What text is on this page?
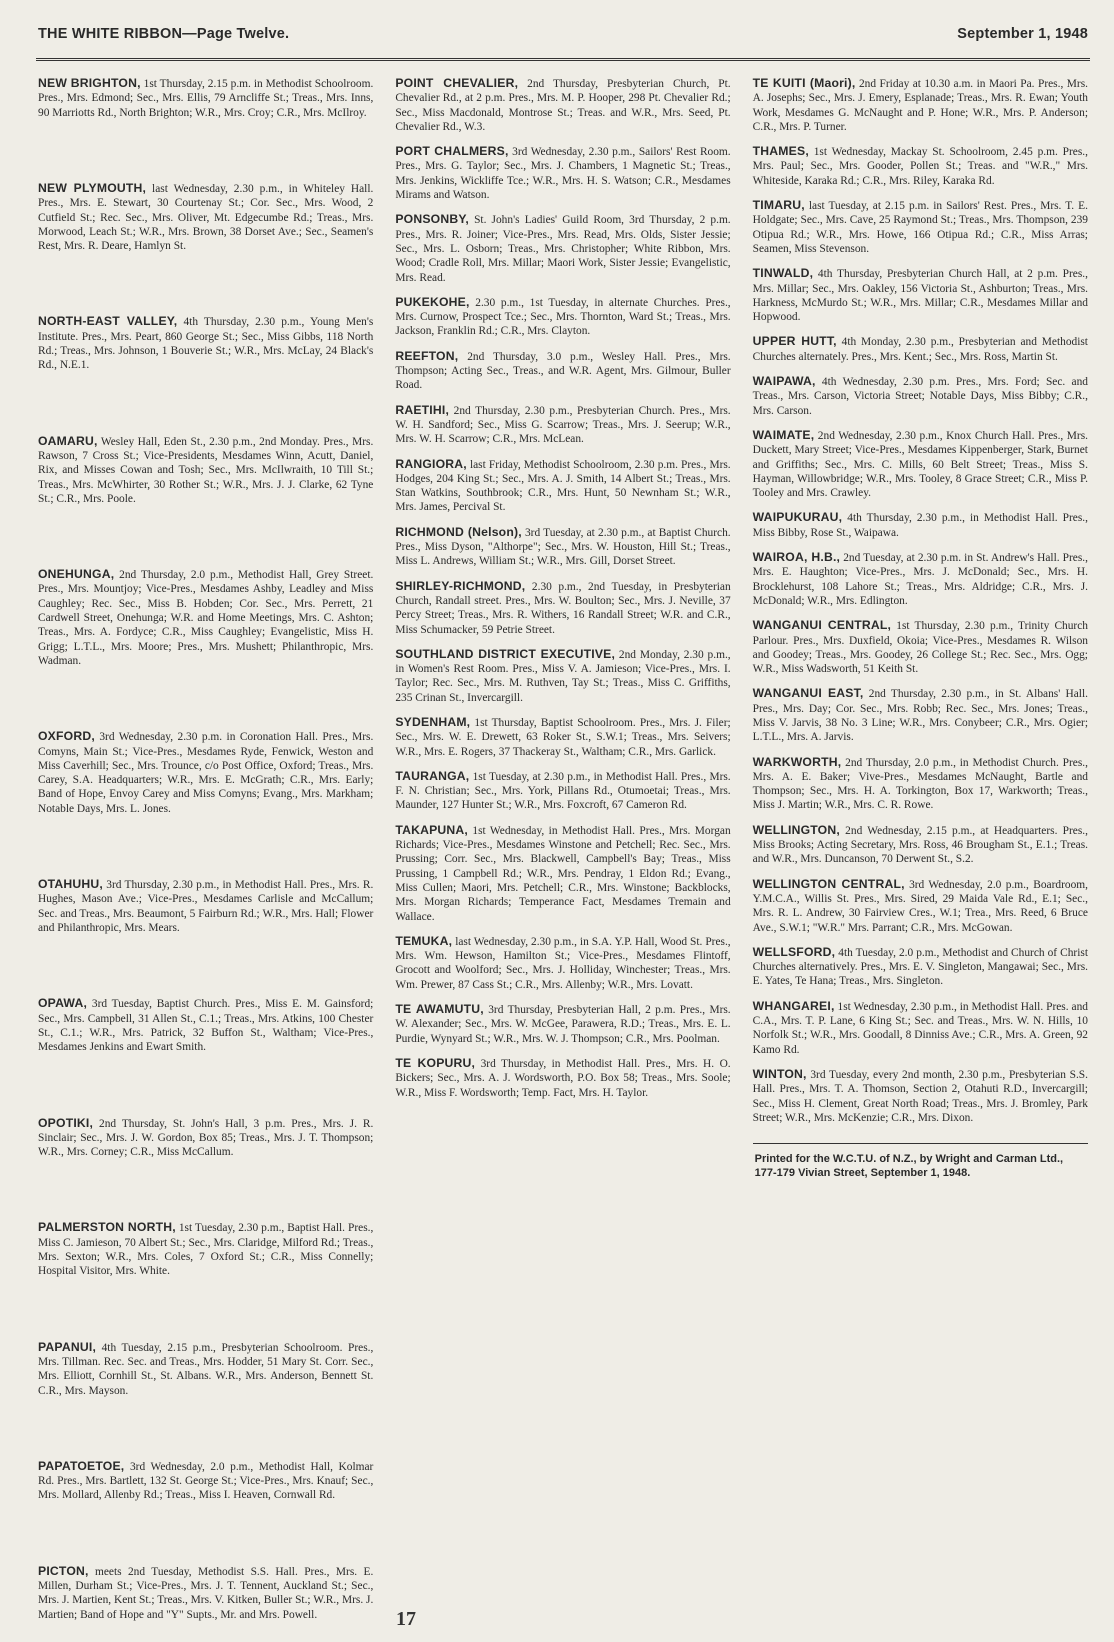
THE WHITE RIBBON—Page Twelve.	September 1, 1948

NEW BRIGHTON, 1st Thursday, 2.15 p.m. in Methodist Schoolroom. Pres., Mrs. Edmond; Sec., Mrs. Ellis, 79 Arncliffe St.; Treas., Mrs. Inns, 90 Marriotts Rd., North Brighton; W.R., Mrs. Croy; C.R., Mrs. McIlroy.

NEW PLYMOUTH, last Wednesday, 2.30 p.m., in Whiteley Hall. Pres., Mrs. E. Stewart, 30 Courtenay St.; Cor. Sec., Mrs. Wood, 2 Cutfield St.; Rec. Sec., Mrs. Oliver, Mt. Edgecumbe Rd.; Treas., Mrs. Morwood, Leach St.; W.R., Mrs. Brown, 38 Dorset Ave.; Sec., Seamen's Rest, Mrs. R. Deare, Hamlyn St.

NORTH-EAST VALLEY, 4th Thursday, 2.30 p.m., Young Men's Institute. Pres., Mrs. Peart, 860 George St.; Sec., Miss Gibbs, 118 North Rd.; Treas., Mrs. Johnson, 1 Bouverie St.; W.R., Mrs. McLay, 24 Black's Rd., N.E.1.

OAMARU, Wesley Hall, Eden St., 2.30 p.m., 2nd Monday. Pres., Mrs. Rawson, 7 Cross St.; Vice-Presidents, Mesdames Winn, Acutt, Daniel, Rix, and Misses Cowan and Tosh; Sec., Mrs. McIlwraith, 10 Till St.; Treas., Mrs. McWhirter, 30 Rother St.; W.R., Mrs. J. J. Clarke, 62 Tyne St.; C.R., Mrs. Poole.

ONEHUNGA, 2nd Thursday, 2.0 p.m., Methodist Hall, Grey Street. Pres., Mrs. Mountjoy; Vice-Pres., Mesdames Ashby, Leadley and Miss Caughley; Rec. Sec., Miss B. Hobden; Cor. Sec., Mrs. Perrett, 21 Cardwell Street, Onehunga; W.R. and Home Meetings, Mrs. C. Ashton; Treas., Mrs. A. Fordyce; C.R., Miss Caughley; Evangelistic, Miss H. Grigg; L.T.L., Mrs. Moore; Pres., Mrs. Mushett; Philanthropic, Mrs. Wadman.

OXFORD, 3rd Wednesday, 2.30 p.m. in Coronation Hall. Pres., Mrs. Comyns, Main St.; Vice-Pres., Mesdames Ryde, Fenwick, Weston and Miss Caverhill; Sec., Mrs. Trounce, c/o Post Office, Oxford; Treas., Mrs. Carey, S.A. Headquarters; W.R., Mrs. E. McGrath; C.R., Mrs. Early; Band of Hope, Envoy Carey and Miss Comyns; Evang., Mrs. Markham; Notable Days, Mrs. L. Jones.

OTAHUHU, 3rd Thursday, 2.30 p.m., in Methodist Hall. Pres., Mrs. R. Hughes, Mason Ave.; Vice-Pres., Mesdames Carlisle and McCallum; Sec. and Treas., Mrs. Beaumont, 5 Fairburn Rd.; W.R., Mrs. Hall; Flower and Philanthropic, Mrs. Mears.

OPAWA, 3rd Tuesday, Baptist Church. Pres., Miss E. M. Gainsford; Sec., Mrs. Campbell, 31 Allen St., C.1.; Treas., Mrs. Atkins, 100 Chester St., C.1.; W.R., Mrs. Patrick, 32 Buffon St., Waltham; Vice-Pres., Mesdames Jenkins and Ewart Smith.

OPOTIKI, 2nd Thursday, St. John's Hall, 3 p.m. Pres., Mrs. J. R. Sinclair; Sec., Mrs. J. W. Gordon, Box 85; Treas., Mrs. J. T. Thompson; W.R., Mrs. Corney; C.R., Miss McCallum.

PALMERSTON NORTH, 1st Tuesday, 2.30 p.m., Baptist Hall. Pres., Miss C. Jamieson, 70 Albert St.; Sec., Mrs. Claridge, Milford Rd.; Treas., Mrs. Sexton; W.R., Mrs. Coles, 7 Oxford St.; C.R., Miss Connelly; Hospital Visitor, Mrs. White.

PAPANUI, 4th Tuesday, 2.15 p.m., Presbyterian Schoolroom. Pres., Mrs. Tillman. Rec. Sec. and Treas., Mrs. Hodder, 51 Mary St. Corr. Sec., Mrs. Elliott, Cornhill St., St. Albans. W.R., Mrs. Anderson, Bennett St. C.R., Mrs. Mayson.

PAPATOETOE, 3rd Wednesday, 2.0 p.m., Methodist Hall, Kolmar Rd. Pres., Mrs. Bartlett, 132 St. George St.; Vice-Pres., Mrs. Knauf; Sec., Mrs. Mollard, Allenby Rd.; Treas., Miss I. Heaven, Cornwall Rd.

PICTON, meets 2nd Tuesday, Methodist S.S. Hall. Pres., Mrs. E. Millen, Durham St.; Vice-Pres., Mrs. J. T. Tennent, Auckland St.; Sec., Mrs. J. Martien, Kent St.; Treas., Mrs. V. Kitken, Buller St.; W.R., Mrs. J. Martien; Band of Hope and "Y" Supts., Mr. and Mrs. Powell.

POINT CHEVALIER, 2nd Thursday, Presbyterian Church, Pt. Chevalier Rd., at 2 p.m. Pres., Mrs. M. P. Hooper, 298 Pt. Chevalier Rd.; Sec., Miss Macdonald, Montrose St.; Treas. and W.R., Mrs. Seed, Pt. Chevalier Rd., W.3.

PORT CHALMERS, 3rd Wednesday, 2.30 p.m., Sailors' Rest Room. Pres., Mrs. G. Taylor; Sec., Mrs. J. Chambers, 1 Magnetic St.; Treas., Mrs. Jenkins, Wickliffe Tce.; W.R., Mrs. H. S. Watson; C.R., Mesdames Mirams and Watson.

PONSONBY, St. John's Ladies' Guild Room, 3rd Thursday, 2 p.m. Pres., Mrs. R. Joiner; Vice-Pres., Mrs. Read, Mrs. Olds, Sister Jessie; Sec., Mrs. L. Osborn; Treas., Mrs. Christopher; White Ribbon, Mrs. Wood; Cradle Roll, Mrs. Millar; Maori Work, Sister Jessie; Evangelistic, Mrs. Read.

PUKEKOHE, 2.30 p.m., 1st Tuesday, in alternate Churches. Pres., Mrs. Curnow, Prospect Tce.; Sec., Mrs. Thornton, Ward St.; Treas., Mrs. Jackson, Franklin Rd.; C.R., Mrs. Clayton.

REEFTON, 2nd Thursday, 3.0 p.m., Wesley Hall. Pres., Mrs. Thompson; Acting Sec., Treas., and W.R. Agent, Mrs. Gilmour, Buller Road.

RAETIHI, 2nd Thursday, 2.30 p.m., Presbyterian Church. Pres., Mrs. W. H. Sandford; Sec., Miss G. Scarrow; Treas., Mrs. J. Seerup; W.R., Mrs. W. H. Scarrow; C.R., Mrs. McLean.

RANGIORA, last Friday, Methodist Schoolroom, 2.30 p.m. Pres., Mrs. Hodges, 204 King St.; Sec., Mrs. A. J. Smith, 14 Albert St.; Treas., Mrs. Stan Watkins, Southbrook; C.R., Mrs. Hunt, 50 Newnham St.; W.R., Mrs. James, Percival St.

RICHMOND (Nelson), 3rd Tuesday, at 2.30 p.m., at Baptist Church. Pres., Miss Dyson, "Althorpe"; Sec., Mrs. W. Houston, Hill St.; Treas., Miss L. Andrews, William St.; W.R., Mrs. Gill, Dorset Street.

SHIRLEY-RICHMOND, 2.30 p.m., 2nd Tuesday, in Presbyterian Church, Randall street. Pres., Mrs. W. Boulton; Sec., Mrs. J. Neville, 37 Percy Street; Treas., Mrs. R. Withers, 16 Randall Street; W.R. and C.R., Miss Schumacker, 59 Petrie Street.

SOUTHLAND DISTRICT EXECUTIVE, 2nd Monday, 2.30 p.m., in Women's Rest Room. Pres., Miss V. A. Jamieson; Vice-Pres., Mrs. I. Taylor; Rec. Sec., Mrs. M. Ruthven, Tay St.; Treas., Miss C. Griffiths, 235 Crinan St., Invercargill.

SYDENHAM, 1st Thursday, Baptist Schoolroom. Pres., Mrs. J. Filer; Sec., Mrs. W. E. Drewett, 63 Roker St., S.W.1; Treas., Mrs. Seivers; W.R., Mrs. E. Rogers, 37 Thackeray St., Waltham; C.R., Mrs. Garlick.

TAURANGA, 1st Tuesday, at 2.30 p.m., in Methodist Hall. Pres., Mrs. F. N. Christian; Sec., Mrs. York, Pillans Rd., Otumoetai; Treas., Mrs. Maunder, 127 Hunter St.; W.R., Mrs. Foxcroft, 67 Cameron Rd.

TAKAPUNA, 1st Wednesday, in Methodist Hall. Pres., Mrs. Morgan Richards; Vice-Pres., Mesdames Winstone and Petchell; Rec. Sec., Mrs. Prussing; Corr. Sec., Mrs. Blackwell, Campbell's Bay; Treas., Miss Prussing, 1 Campbell Rd.; W.R., Mrs. Pendray, 1 Eldon Rd.; Evang., Miss Cullen; Maori, Mrs. Petchell; C.R., Mrs. Winstone; Backblocks, Mrs. Morgan Richards; Temperance Fact, Mesdames Tremain and Wallace.

TEMUKA, last Wednesday, 2.30 p.m., in S.A. Y.P. Hall, Wood St. Pres., Mrs. Wm. Hewson, Hamilton St.; Vice-Pres., Mesdames Flintoff, Grocott and Woolford; Sec., Mrs. J. Holliday, Winchester; Treas., Mrs. Wm. Prewer, 87 Cass St.; C.R., Mrs. Allenby; W.R., Mrs. Lovatt.

TE AWAMUTU, 3rd Thursday, Presbyterian Hall, 2 p.m. Pres., Mrs. W. Alexander; Sec., Mrs. W. McGee, Parawera, R.D.; Treas., Mrs. E. L. Purdie, Wynyard St.; W.R., Mrs. W. J. Thompson; C.R., Mrs. Poolman.

TE KOPURU, 3rd Thursday, in Methodist Hall. Pres., Mrs. H. O. Bickers; Sec., Mrs. A. J. Wordsworth, P.O. Box 58; Treas., Mrs. Soole; W.R., Miss F. Wordsworth; Temp. Fact, Mrs. H. Taylor.

TE KUITI (Maori), 2nd Friday at 10.30 a.m. in Maori Pa. Pres., Mrs. A. Josephs; Sec., Mrs. J. Emery, Esplanade; Treas., Mrs. R. Ewan; Youth Work, Mesdames G. McNaught and P. Hone; W.R., Mrs. P. Anderson; C.R., Mrs. P. Turner.

THAMES, 1st Wednesday, Mackay St. Schoolroom, 2.45 p.m. Pres., Mrs. Paul; Sec., Mrs. Gooder, Pollen St.; Treas. and "W.R.," Mrs. Whiteside, Karaka Rd.; C.R., Mrs. Riley, Karaka Rd.

TIMARU, last Tuesday, at 2.15 p.m. in Sailors' Rest. Pres., Mrs. T. E. Holdgate; Sec., Mrs. Cave, 25 Raymond St.; Treas., Mrs. Thompson, 239 Otipua Rd.; W.R., Mrs. Howe, 166 Otipua Rd.; C.R., Miss Arras; Seamen, Miss Stevenson.

TINWALD, 4th Thursday, Presbyterian Church Hall, at 2 p.m. Pres., Mrs. Millar; Sec., Mrs. Oakley, 156 Victoria St., Ashburton; Treas., Mrs. Harkness, McMurdo St.; W.R., Mrs. Millar; C.R., Mesdames Millar and Hopwood.

UPPER HUTT, 4th Monday, 2.30 p.m., Presbyterian and Methodist Churches alternately. Pres., Mrs. Kent.; Sec., Mrs. Ross, Martin St.

WAIPAWA, 4th Wednesday, 2.30 p.m. Pres., Mrs. Ford; Sec. and Treas., Mrs. Carson, Victoria Street; Notable Days, Miss Bibby; C.R., Mrs. Carson.

WAIMATE, 2nd Wednesday, 2.30 p.m., Knox Church Hall. Pres., Mrs. Duckett, Mary Street; Vice-Pres., Mesdames Kippenberger, Stark, Burnet and Griffiths; Sec., Mrs. C. Mills, 60 Belt Street; Treas., Miss S. Hayman, Willowbridge; W.R., Mrs. Tooley, 8 Grace Street; C.R., Miss P. Tooley and Mrs. Crawley.

WAIPUKURAU, 4th Thursday, 2.30 p.m., in Methodist Hall. Pres., Miss Bibby, Rose St., Waipawa.

WAIROA, H.B., 2nd Tuesday, at 2.30 p.m. in St. Andrew's Hall. Pres., Mrs. E. Haughton; Vice-Pres., Mrs. J. McDonald; Sec., Mrs. H. Brocklehurst, 108 Lahore St.; Treas., Mrs. Aldridge; C.R., Mrs. J. McDonald; W.R., Mrs. Edlington.

WANGANUI CENTRAL, 1st Thursday, 2.30 p.m., Trinity Church Parlour. Pres., Mrs. Duxfield, Okoia; Vice-Pres., Mesdames R. Wilson and Goodey; Treas., Mrs. Goodey, 26 College St.; Rec. Sec., Mrs. Ogg; W.R., Miss Wadsworth, 51 Keith St.

WANGANUI EAST, 2nd Thursday, 2.30 p.m., in St. Albans' Hall. Pres., Mrs. Day; Cor. Sec., Mrs. Robb; Rec. Sec., Mrs. Jones; Treas., Miss V. Jarvis, 38 No. 3 Line; W.R., Mrs. Conybeer; C.R., Mrs. Ogier; L.T.L., Mrs. A. Jarvis.

WARKWORTH, 2nd Thursday, 2.0 p.m., in Methodist Church. Pres., Mrs. A. E. Baker; Vive-Pres., Mesdames McNaught, Bartle and Thompson; Sec., Mrs. H. A. Torkington, Box 17, Warkworth; Treas., Miss J. Martin; W.R., Mrs. C. R. Rowe.

WELLINGTON, 2nd Wednesday, 2.15 p.m., at Headquarters. Pres., Miss Brooks; Acting Secretary, Mrs. Ross, 46 Brougham St., E.1.; Treas. and W.R., Mrs. Duncanson, 70 Derwent St., S.2.

WELLINGTON CENTRAL, 3rd Wednesday, 2.0 p.m., Boardroom, Y.M.C.A., Willis St. Pres., Mrs. Sired, 29 Maida Vale Rd., E.1; Sec., Mrs. R. L. Andrew, 30 Fairview Cres., W.1; Trea., Mrs. Reed, 6 Bruce Ave., S.W.1; "W.R." Mrs. Parrant; C.R., Mrs. McGowan.

WELLSFORD, 4th Tuesday, 2.0 p.m., Methodist and Church of Christ Churches alternatively. Pres., Mrs. E. V. Singleton, Mangawai; Sec., Mrs. E. Yates, Te Hana; Treas., Mrs. Singleton.

WHANGAREI, 1st Wednesday, 2.30 p.m., in Methodist Hall. Pres. and C.A., Mrs. T. P. Lane, 6 King St.; Sec. and Treas., Mrs. W. N. Hills, 10 Norfolk St.; W.R., Mrs. Goodall, 8 Dinniss Ave.; C.R., Mrs. A. Green, 92 Kamo Rd.

WINTON, 3rd Tuesday, every 2nd month, 2.30 p.m., Presbyterian S.S. Hall. Pres., Mrs. T. A. Thomson, Section 2, Otahuti R.D., Invercargill; Sec., Miss H. Clement, Great North Road; Treas., Mrs. J. Bromley, Park Street; W.R., Mrs. McKenzie; C.R., Mrs. Dixon.

Printed for the W.C.T.U. of N.Z., by Wright and Carman Ltd., 177-179 Vivian Street, September 1, 1948.
17
